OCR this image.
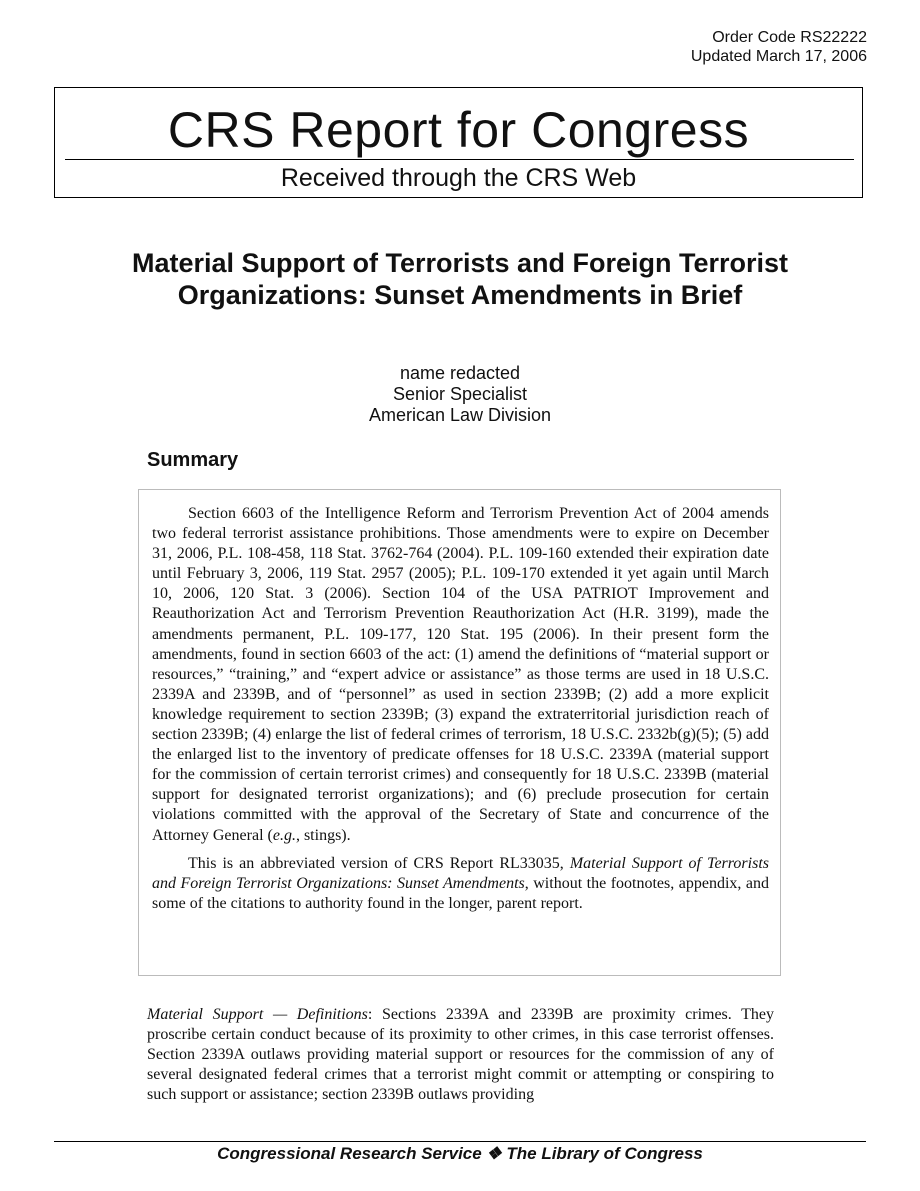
Order Code RS22222
Updated March 17, 2006
CRS Report for Congress
Received through the CRS Web
Material Support of Terrorists and Foreign Terrorist Organizations: Sunset Amendments in Brief
name redacted
Senior Specialist
American Law Division
Summary

Section 6603 of the Intelligence Reform and Terrorism Prevention Act of 2004 amends two federal terrorist assistance prohibitions. Those amendments were to expire on December 31, 2006, P.L. 108-458, 118 Stat. 3762-764 (2004). P.L. 109-160 extended their expiration date until February 3, 2006, 119 Stat. 2957 (2005); P.L. 109-170 extended it yet again until March 10, 2006, 120 Stat. 3 (2006). Section 104 of the USA PATRIOT Improvement and Reauthorization Act and Terrorism Prevention Reauthorization Act (H.R. 3199), made the amendments permanent, P.L. 109-177, 120 Stat. 195 (2006). In their present form the amendments, found in section 6603 of the act: (1) amend the definitions of “material support or resources,” “training,” and “expert advice or assistance” as those terms are used in 18 U.S.C. 2339A and 2339B, and of “personnel” as used in section 2339B; (2) add a more explicit knowledge requirement to section 2339B; (3) expand the extraterritorial jurisdiction reach of section 2339B; (4) enlarge the list of federal crimes of terrorism, 18 U.S.C. 2332b(g)(5); (5) add the enlarged list to the inventory of predicate offenses for 18 U.S.C. 2339A (material support for the commission of certain terrorist crimes) and consequently for 18 U.S.C. 2339B (material support for designated terrorist organizations); and (6) preclude prosecution for certain violations committed with the approval of the Secretary of State and concurrence of the Attorney General (e.g., stings).

This is an abbreviated version of CRS Report RL33035, Material Support of Terrorists and Foreign Terrorist Organizations: Sunset Amendments, without the footnotes, appendix, and some of the citations to authority found in the longer, parent report.

Material Support — Definitions: Sections 2339A and 2339B are proximity crimes. They proscribe certain conduct because of its proximity to other crimes, in this case terrorist offenses. Section 2339A outlaws providing material support or resources for the commission of any of several designated federal crimes that a terrorist might commit or attempting or conspiring to such support or assistance; section 2339B outlaws providing

Congressional Research Service ❖ The Library of Congress
